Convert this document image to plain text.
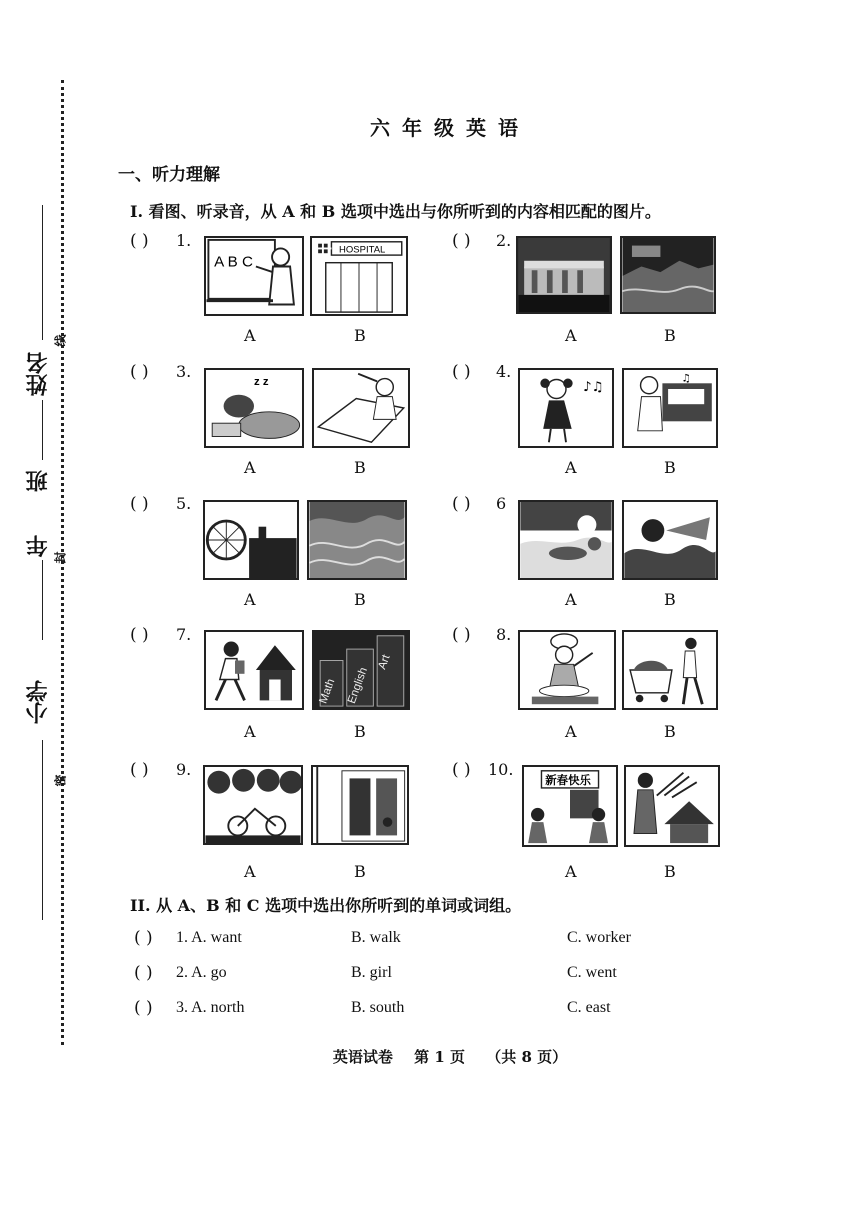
姓名
班
年
小学
线
封
密
六年级英语
一、听力理解
I. 看图、听录音，从 A 和 B 选项中选出与你所听到的内容相匹配的图片。
( ) 1.
A B C
HOSPITAL
A	B
( ) 2.
A	B
( ) 3.
z z
A	B
( ) 4.
♪♫
♫
A	B
( ) 5.
A	B
( ) 6
A	B
( ) 7.
Math English
Art
A	B
( ) 8.
A	B
( ) 9.
A	B
( ) 10.
新春快乐
A	B
II. 从 A、B 和 C 选项中选出你所听到的单词或词组。
( ) 1. A. want	B. walk	C. worker
( ) 2. A. go	B. girl	C. went
( ) 3. A. north	B. south	C. east
英语试卷 第 1 页 （共 8 页）
